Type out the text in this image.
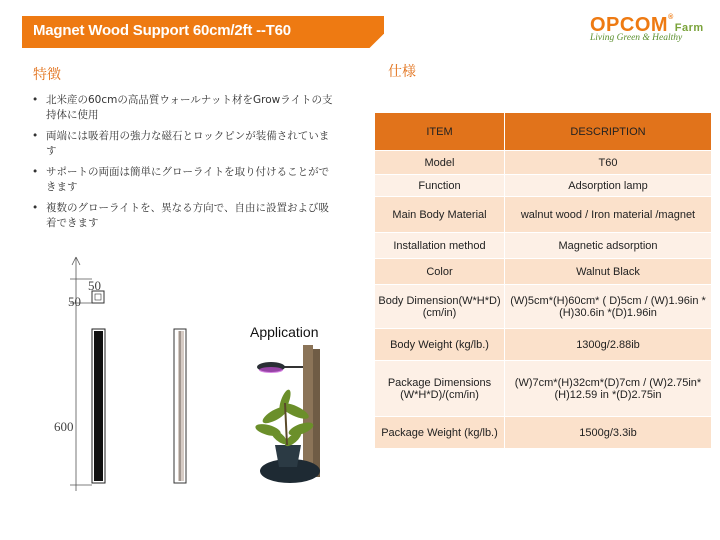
Magnet Wood Support 60cm/2ft --T60	OPCOM®Farm
Living Green & Healthy
特徴
• 北米産の60cmの高品質ウォールナット材をGrowライトの支持体に使用
• 両端には吸着用の強力な磁石とロックピンが装備されています
• サポートの両面は簡単にグローライトを取り付けることができます
• 複数のグローライトを、異なる方向で、自由に設置および吸着できます
仕様
ITEM	DESCRIPTION
Model	T60
Function	Adsorption lamp
Main Body Material	walnut wood / Iron material /magnet
Installation method	Magnetic adsorption
Color	Walnut Black
Body Dimension(W*H*D) (cm/in)	(W)5cm*(H)60cm* ( D)5cm / (W)1.96in *(H)30.6in *(D)1.96in
Body Weight (kg/lb.)	1300g/2.88ib
Package Dimensions (W*H*D)/(cm/in)	(W)7cm*(H)32cm*(D)7cm / (W)2.75in*(H)12.59 in *(D)2.75in
Package Weight (kg/lb.)	1500g/3.3ib
50
50
600
Application
